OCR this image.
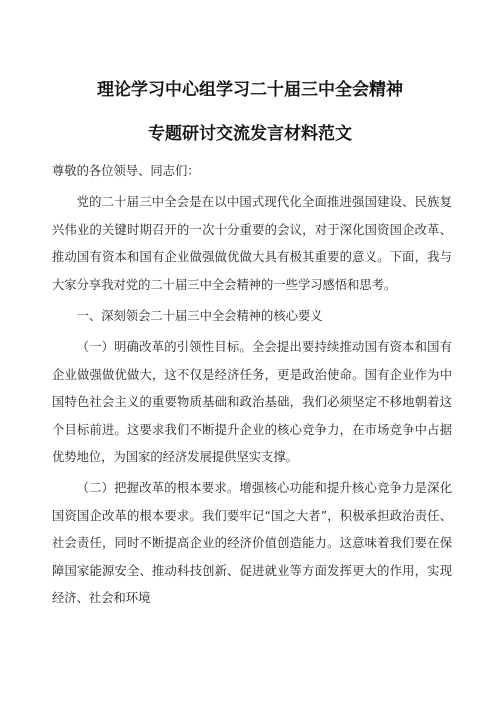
理论学习中心组学习二十届三中全会精神
专题研讨交流发言材料范文

尊敬的各位领导、同志们：

党的二十届三中全会是在以中国式现代化全面推进强国建设、民族复兴伟业的关键时期召开的一次十分重要的会议，对于深化国资国企改革、推动国有资本和国有企业做强做优做大具有极其重要的意义。下面，我与大家分享我对党的二十届三中全会精神的一些学习感悟和思考。

一、深刻领会二十届三中全会精神的核心要义

（一）明确改革的引领性目标。全会提出要持续推动国有资本和国有企业做强做优做大，这不仅是经济任务，更是政治使命。国有企业作为中国特色社会主义的重要物质基础和政治基础，我们必须坚定不移地朝着这个目标前进。这要求我们不断提升企业的核心竞争力，在市场竞争中占据优势地位，为国家的经济发展提供坚实支撑。

（二）把握改革的根本要求。增强核心功能和提升核心竞争力是深化国资国企改革的根本要求。我们要牢记“国之大者”，积极承担政治责任、社会责任，同时不断提高企业的经济价值创造能力。这意味着我们要在保障国家能源安全、推动科技创新、促进就业等方面发挥更大的作用，实现经济、社会和环境
